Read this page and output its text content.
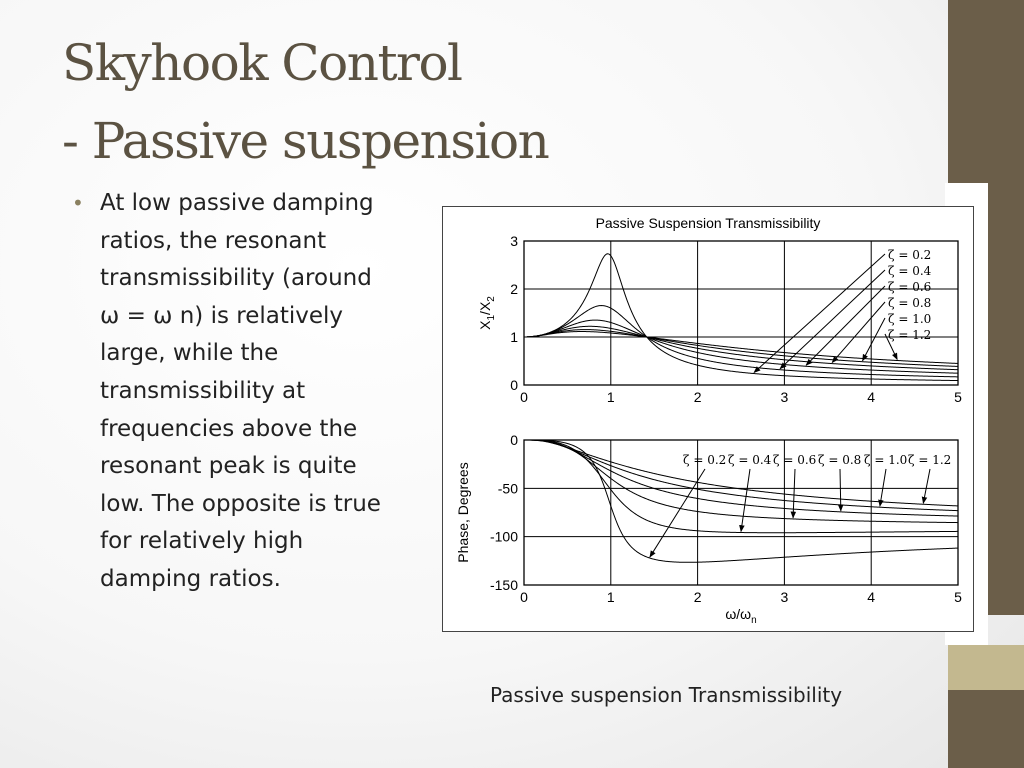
Skyhook Control
- Passive suspension
• At low passive damping ratios, the resonant transmissibility (around ω = ω n) is relatively large, while the transmissibility at frequencies above the resonant peak is quite low. The opposite is true for relatively high damping ratios.
Passive Suspension Transmissibility
0	1	2	3	4	5
0
1
2
3
$X_1/X_2$
ζ = 0.2
ζ = 0.4
ζ = 0.6
ζ = 0.8
ζ = 1.0
ζ = 1.2
0	1	2	3	4	5
0
-50
-100
-150
Phase, Degrees
$\omega/\omega_n$
ζ = 0.2 ζ = 0.4 ζ = 0.6 ζ = 0.8 ζ = 1.0 ζ = 1.2
Passive suspension Transmissibility
